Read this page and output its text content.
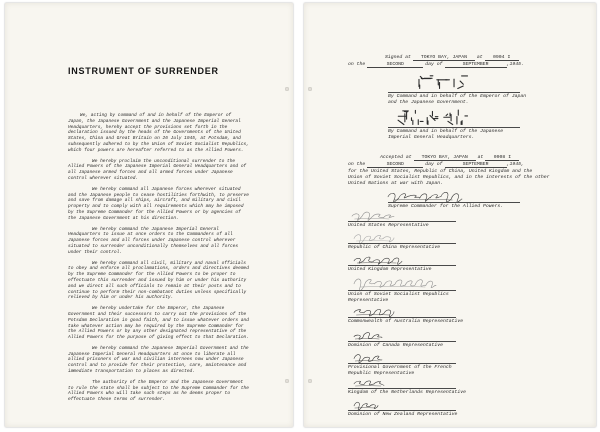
INSTRUMENT OF SURRENDER

We, acting by command of and in behalf of the Emperor of Japan, the Japanese Government and the Japanese Imperial General Headquarters, hereby accept the provisions set forth in the declaration issued by the heads of the Governments of the United States, China and Great Britain on 26 July 1945, at Potsdam, and subsequently adhered to by the Union of Soviet Socialist Republics, which four powers are hereafter referred to as the Allied Powers.

We hereby proclaim the unconditional surrender to the Allied Powers of the Japanese Imperial General Headquarters and of all Japanese armed forces and all armed forces under Japanese control wherever situated.

We hereby command all Japanese forces wherever situated and the Japanese people to cease hostilities forthwith, to preserve and save from damage all ships, aircraft, and military and civil property and to comply with all requirements which may be imposed by the Supreme Commander for the Allied Powers or by agencies of the Japanese Government at his direction.

We hereby command the Japanese Imperial General Headquarters to issue at once orders to the Commanders of all Japanese forces and all forces under Japanese control wherever situated to surrender unconditionally themselves and all forces under their control.

We hereby command all civil, military and naval officials to obey and enforce all proclamations, orders and directives deemed by the Supreme Commander for the Allied Powers to be proper to effectuate this surrender and issued by him or under his authority and we direct all such officials to remain at their posts and to continue to perform their non-combatant duties unless specifically relieved by him or under his authority.

We hereby undertake for the Emperor, the Japanese Government and their successors to carry out the provisions of the Potsdam Declaration in good faith, and to issue whatever orders and take whatever action may be required by the Supreme Commander for the Allied Powers or by any other designated representative of the Allied Powers for the purpose of giving effect to that Declaration.

We hereby command the Japanese Imperial Government and the Japanese Imperial General Headquarters at once to liberate all allied prisoners of war and civilian internees now under Japanese control and to provide for their protection, care, maintenance and immediate transportation to places as directed.

The authority of the Emperor and the Japanese Government to rule the state shall be subject to the Supreme Commander for the Allied Powers who will take such steps as he deems proper to effectuate these terms of surrender.

Signed at TOKYO BAY, JAPAN at 0904 I
on the	SECOND	day of	SEPTEMBER	,1945.
By Command and in behalf of the Emperor of Japan
and the Japanese Government.
By Command and in behalf of the Japanese
Imperial General Headquarters.
Accepted at TOKYO BAY, JAPAN at 0908 I
on the	SECOND	day of	SEPTEMBER	,1945,
for the United States, Republic of China, United Kingdom and the
Union of Soviet Socialist Republics, and in the interests of the other
United Nations at war with Japan.
Supreme Commander for the Allied Powers.
United States Representative
Republic of China Representative
United Kingdom Representative
Union of Soviet Socialist Republics
Representative
Commonwealth of Australia Representative
Dominion of Canada Representative
Provisional Government of the French
Republic Representative
Kingdom of the Netherlands Representative
Dominion of New Zealand Representative
